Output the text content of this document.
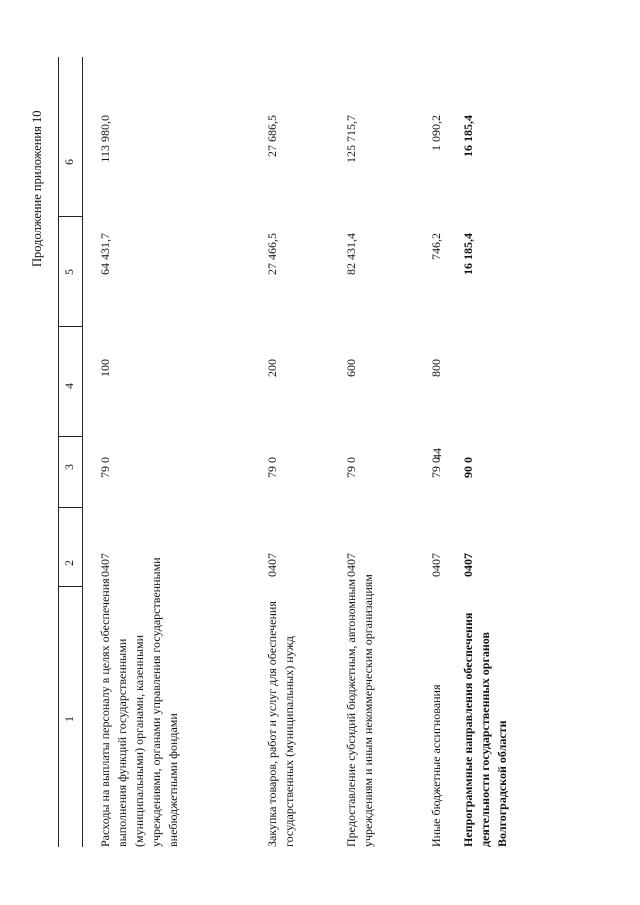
44
Продолжение приложения 10
1
2
3
4
5
6
Расходы на выплаты персоналу в целях обеспечения выполнения функций государственными (муниципальными) органами, казенными учреждениями, органами управления государственными внебюджетными фондами
0407
79 0
100
64 431,7
113 980,0
Закупка товаров, работ и услуг для обеспечения государственных (муниципальных) нужд
0407
79 0
200
27 466,5
27 686,5
Предоставление субсидий бюджетным, автономным учреждениям и иным некоммерческим организациям
0407
79 0
600
82 431,4
125 715,7
Иные бюджетные ассигнования
0407
79 0
800
746,2
1 090,2
Непрограммные направления обеспечения деятельности государственных органов Волгоградской области
0407
90 0
16 185,4
16 185,4
